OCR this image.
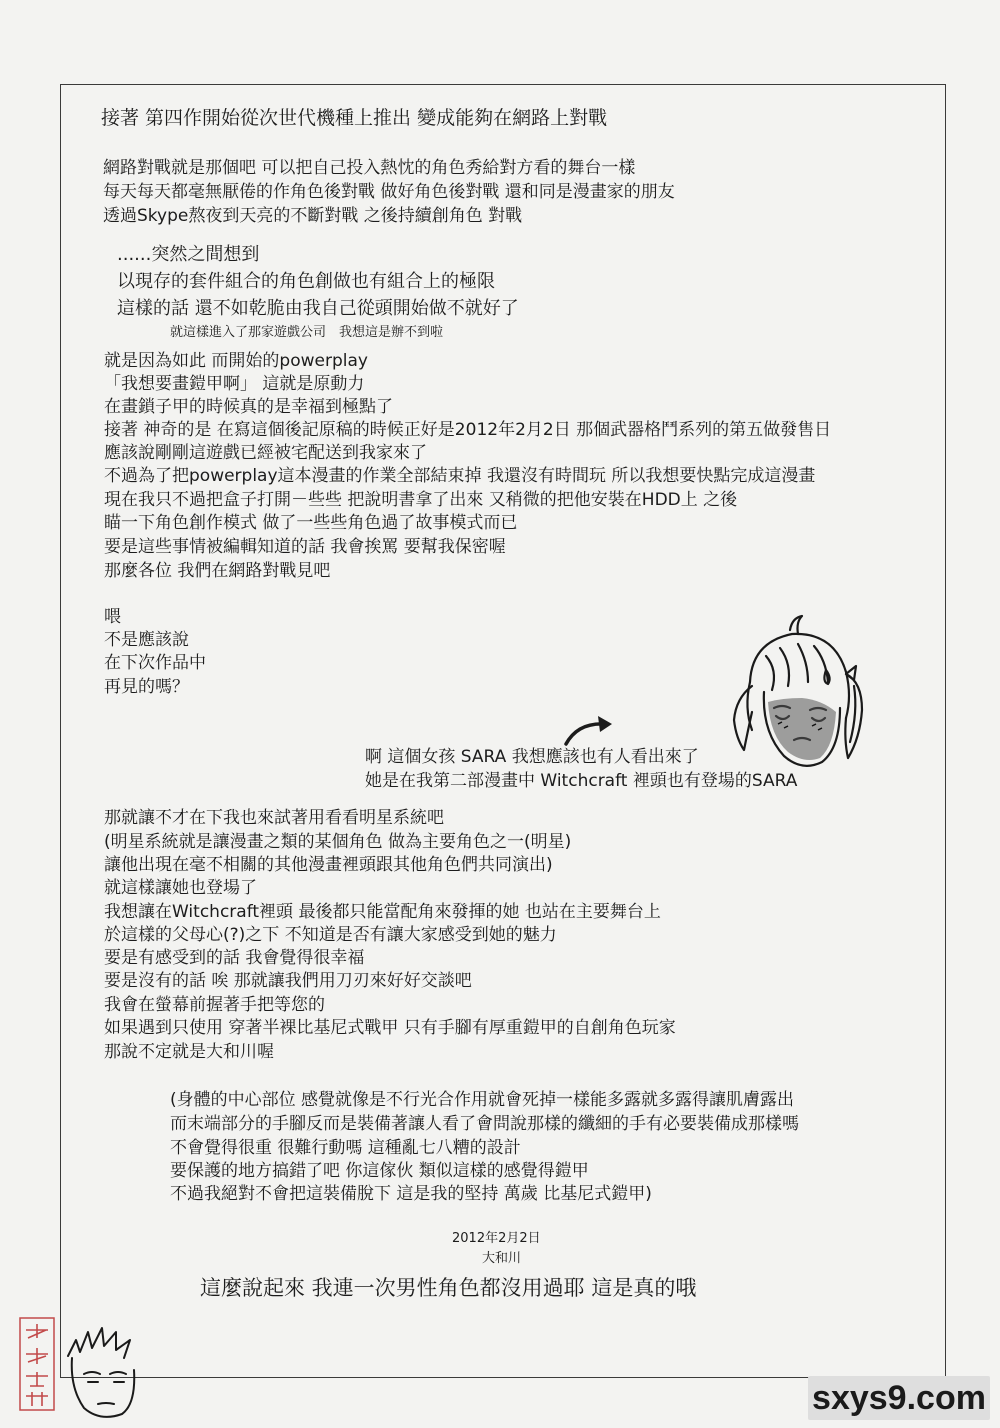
接著 第四作開始從次世代機種上推出 變成能夠在網路上對戰
網路對戰就是那個吧 可以把自己投入熱忱的角色秀給對方看的舞台一樣
每天每天都毫無厭倦的作角色後對戰 做好角色後對戰 還和同是漫畫家的朋友
透過Skype熬夜到天亮的不斷對戰 之後持續創角色 對戰
......突然之間想到
以現存的套件組合的角色創做也有組合上的極限
這樣的話 還不如乾脆由我自己從頭開始做不就好了
就這樣進入了那家遊戲公司　我想這是辦不到啦
就是因為如此 而開始的powerplay
「我想要畫鎧甲啊」 這就是原動力
在畫鎖子甲的時候真的是幸福到極點了
接著 神奇的是 在寫這個後記原稿的時候正好是2012年2月2日 那個武器格鬥系列的第五做發售日
應該說剛剛這遊戲已經被宅配送到我家來了
不過為了把powerplay這本漫畫的作業全部結束掉 我還沒有時間玩 所以我想要快點完成這漫畫
現在我只不過把盒子打開－些些 把說明書拿了出來 又稍微的把他安裝在HDD上 之後
瞄一下角色創作模式 做了一些些角色過了故事模式而已
要是這些事情被編輯知道的話 我會挨罵 要幫我保密喔
那麼各位 我們在網路對戰見吧
喂
不是應該說
在下次作品中
再見的嗎？
啊 這個女孩 SARA 我想應該也有人看出來了
她是在我第二部漫畫中 Witchcraft 裡頭也有登場的SARA
那就讓不才在下我也來試著用看看明星系統吧
(明星系統就是讓漫畫之類的某個角色 做為主要角色之一(明星)
讓他出現在毫不相關的其他漫畫裡頭跟其他角色們共同演出)
就這樣讓她也登場了
我想讓在Witchcraft裡頭 最後都只能當配角來發揮的她 也站在主要舞台上
於這樣的父母心(?)之下 不知道是否有讓大家感受到她的魅力
要是有感受到的話 我會覺得很幸福
要是沒有的話 唉 那就讓我們用刀刃來好好交談吧
我會在螢幕前握著手把等您的
如果遇到只使用 穿著半裸比基尼式戰甲 只有手腳有厚重鎧甲的自創角色玩家
那說不定就是大和川喔
(身體的中心部位 感覺就像是不行光合作用就會死掉一樣能多露就多露得讓肌膚露出
而末端部分的手腳反而是裝備著讓人看了會問說那樣的纖細的手有必要裝備成那樣嗎
不會覺得很重 很難行動嗎 這種亂七八糟的設計
要保護的地方搞錯了吧 你這傢伙 類似這樣的感覺得鎧甲
不過我絕對不會把這裝備脫下 這是我的堅持 萬歲 比基尼式鎧甲)
2012年2月2日
大和川
這麼說起來 我連一次男性角色都沒用過耶 這是真的哦
sxys9.com
